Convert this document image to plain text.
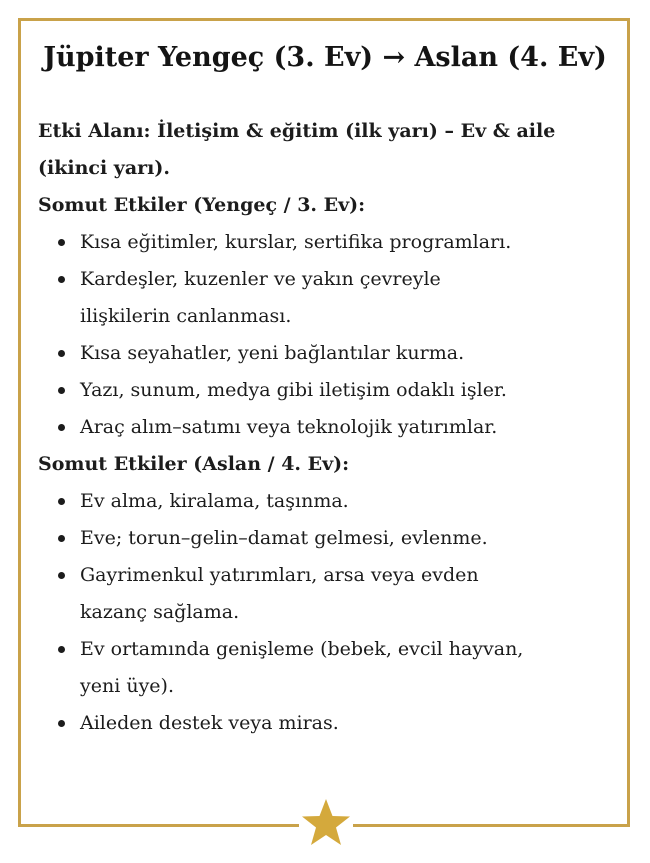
Jüpiter Yengeç (3. Ev) → Aslan (4. Ev)
Etki Alanı: İletişim & eğitim (ilk yarı) – Ev & aile
(ikinci yarı).
Somut Etkiler (Yengeç / 3. Ev):
Kısa eğitimler, kurslar, sertifika programları.
Kardeşler, kuzenler ve yakın çevreyle
ilişkilerin canlanması.
Kısa seyahatler, yeni bağlantılar kurma.
Yazı, sunum, medya gibi iletişim odaklı işler.
Araç alım–satımı veya teknolojik yatırımlar.
Somut Etkiler (Aslan / 4. Ev):
Ev alma, kiralama, taşınma.
Eve; torun–gelin–damat gelmesi, evlenme.
Gayrimenkul yatırımları, arsa veya evden
kazanç sağlama.
Ev ortamında genişleme (bebek, evcil hayvan,
yeni üye).
Aileden destek veya miras.
